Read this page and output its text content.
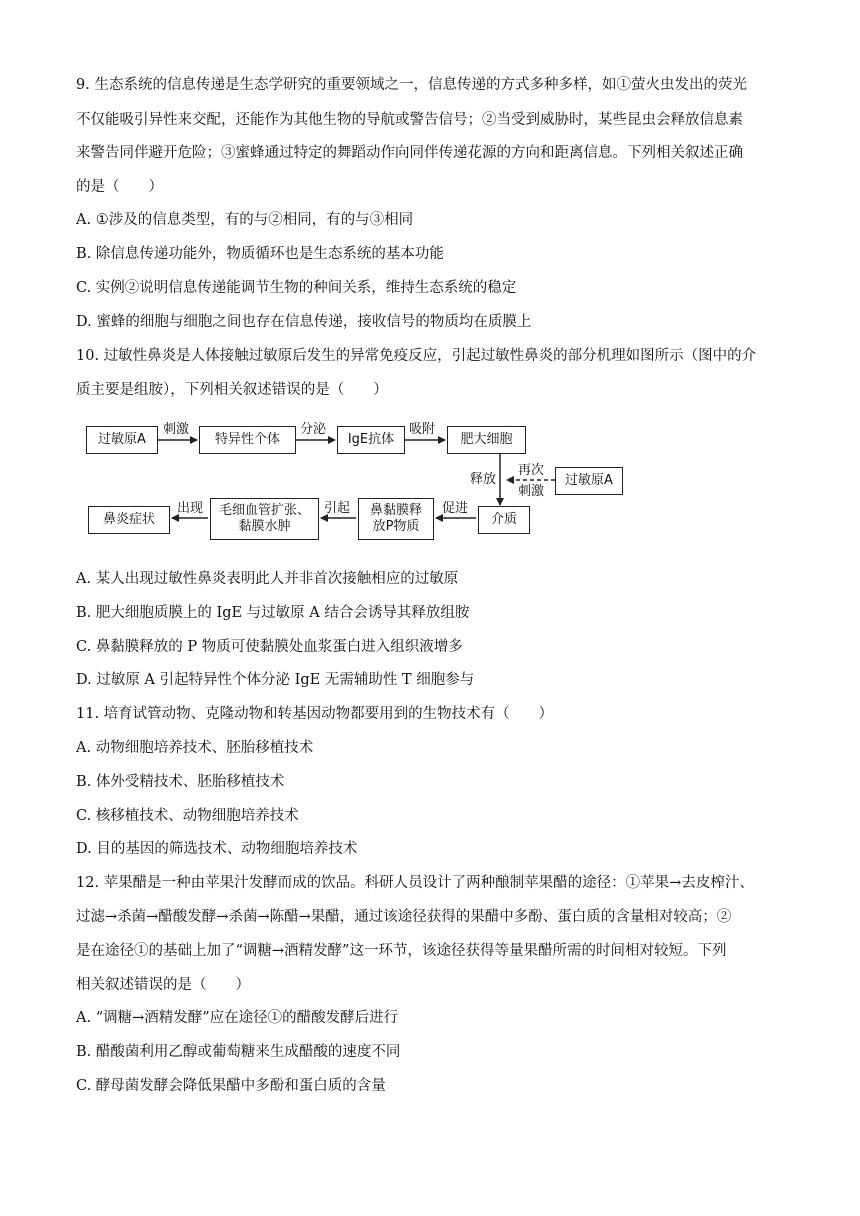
9. 生态系统的信息传递是生态学研究的重要领域之一，信息传递的方式多种多样，如①萤火虫发出的荧光
不仅能吸引异性来交配，还能作为其他生物的导航或警告信号；②当受到威胁时，某些昆虫会释放信息素
来警告同伴避开危险；③蜜蜂通过特定的舞蹈动作向同伴传递花源的方向和距离信息。下列相关叙述正确
的是（　　）
A. ①涉及的信息类型，有的与②相同，有的与③相同
B. 除信息传递功能外，物质循环也是生态系统的基本功能
C. 实例②说明信息传递能调节生物的种间关系，维持生态系统的稳定
D. 蜜蜂的细胞与细胞之间也存在信息传递，接收信号的物质均在质膜上
10. 过敏性鼻炎是人体接触过敏原后发生的异常免疫反应，引起过敏性鼻炎的部分机理如图所示（图中的介
质主要是组胺），下列相关叙述错误的是（　　）
过敏原A	特异性个体	IgE抗体	肥大细胞
过敏原A
介质
鼻黏膜释放P物质
毛细血管扩张、黏膜水肿
鼻炎症状
刺激	分泌	吸附
释放
再次
刺激
促进
引起
出现
A. 某人出现过敏性鼻炎表明此人并非首次接触相应的过敏原
B. 肥大细胞质膜上的 IgE 与过敏原 A 结合会诱导其释放组胺
C. 鼻黏膜释放的 P 物质可使黏膜处血浆蛋白进入组织液增多
D. 过敏原 A 引起特异性个体分泌 IgE 无需辅助性 T 细胞参与
11. 培育试管动物、克隆动物和转基因动物都要用到的生物技术有（　　）
A. 动物细胞培养技术、胚胎移植技术
B. 体外受精技术、胚胎移植技术
C. 核移植技术、动物细胞培养技术
D. 目的基因的筛选技术、动物细胞培养技术
12. 苹果醋是一种由苹果汁发酵而成的饮品。科研人员设计了两种酿制苹果醋的途径：①苹果→去皮榨汁、
过滤→杀菌→醋酸发酵→杀菌→陈醋→果醋，通过该途径获得的果醋中多酚、蛋白质的含量相对较高；②
是在途径①的基础上加了“调糖→酒精发酵”这一环节，该途径获得等量果醋所需的时间相对较短。下列
相关叙述错误的是（　　）
A. “调糖→酒精发酵”应在途径①的醋酸发酵后进行
B. 醋酸菌利用乙醇或葡萄糖来生成醋酸的速度不同
C. 酵母菌发酵会降低果醋中多酚和蛋白质的含量
